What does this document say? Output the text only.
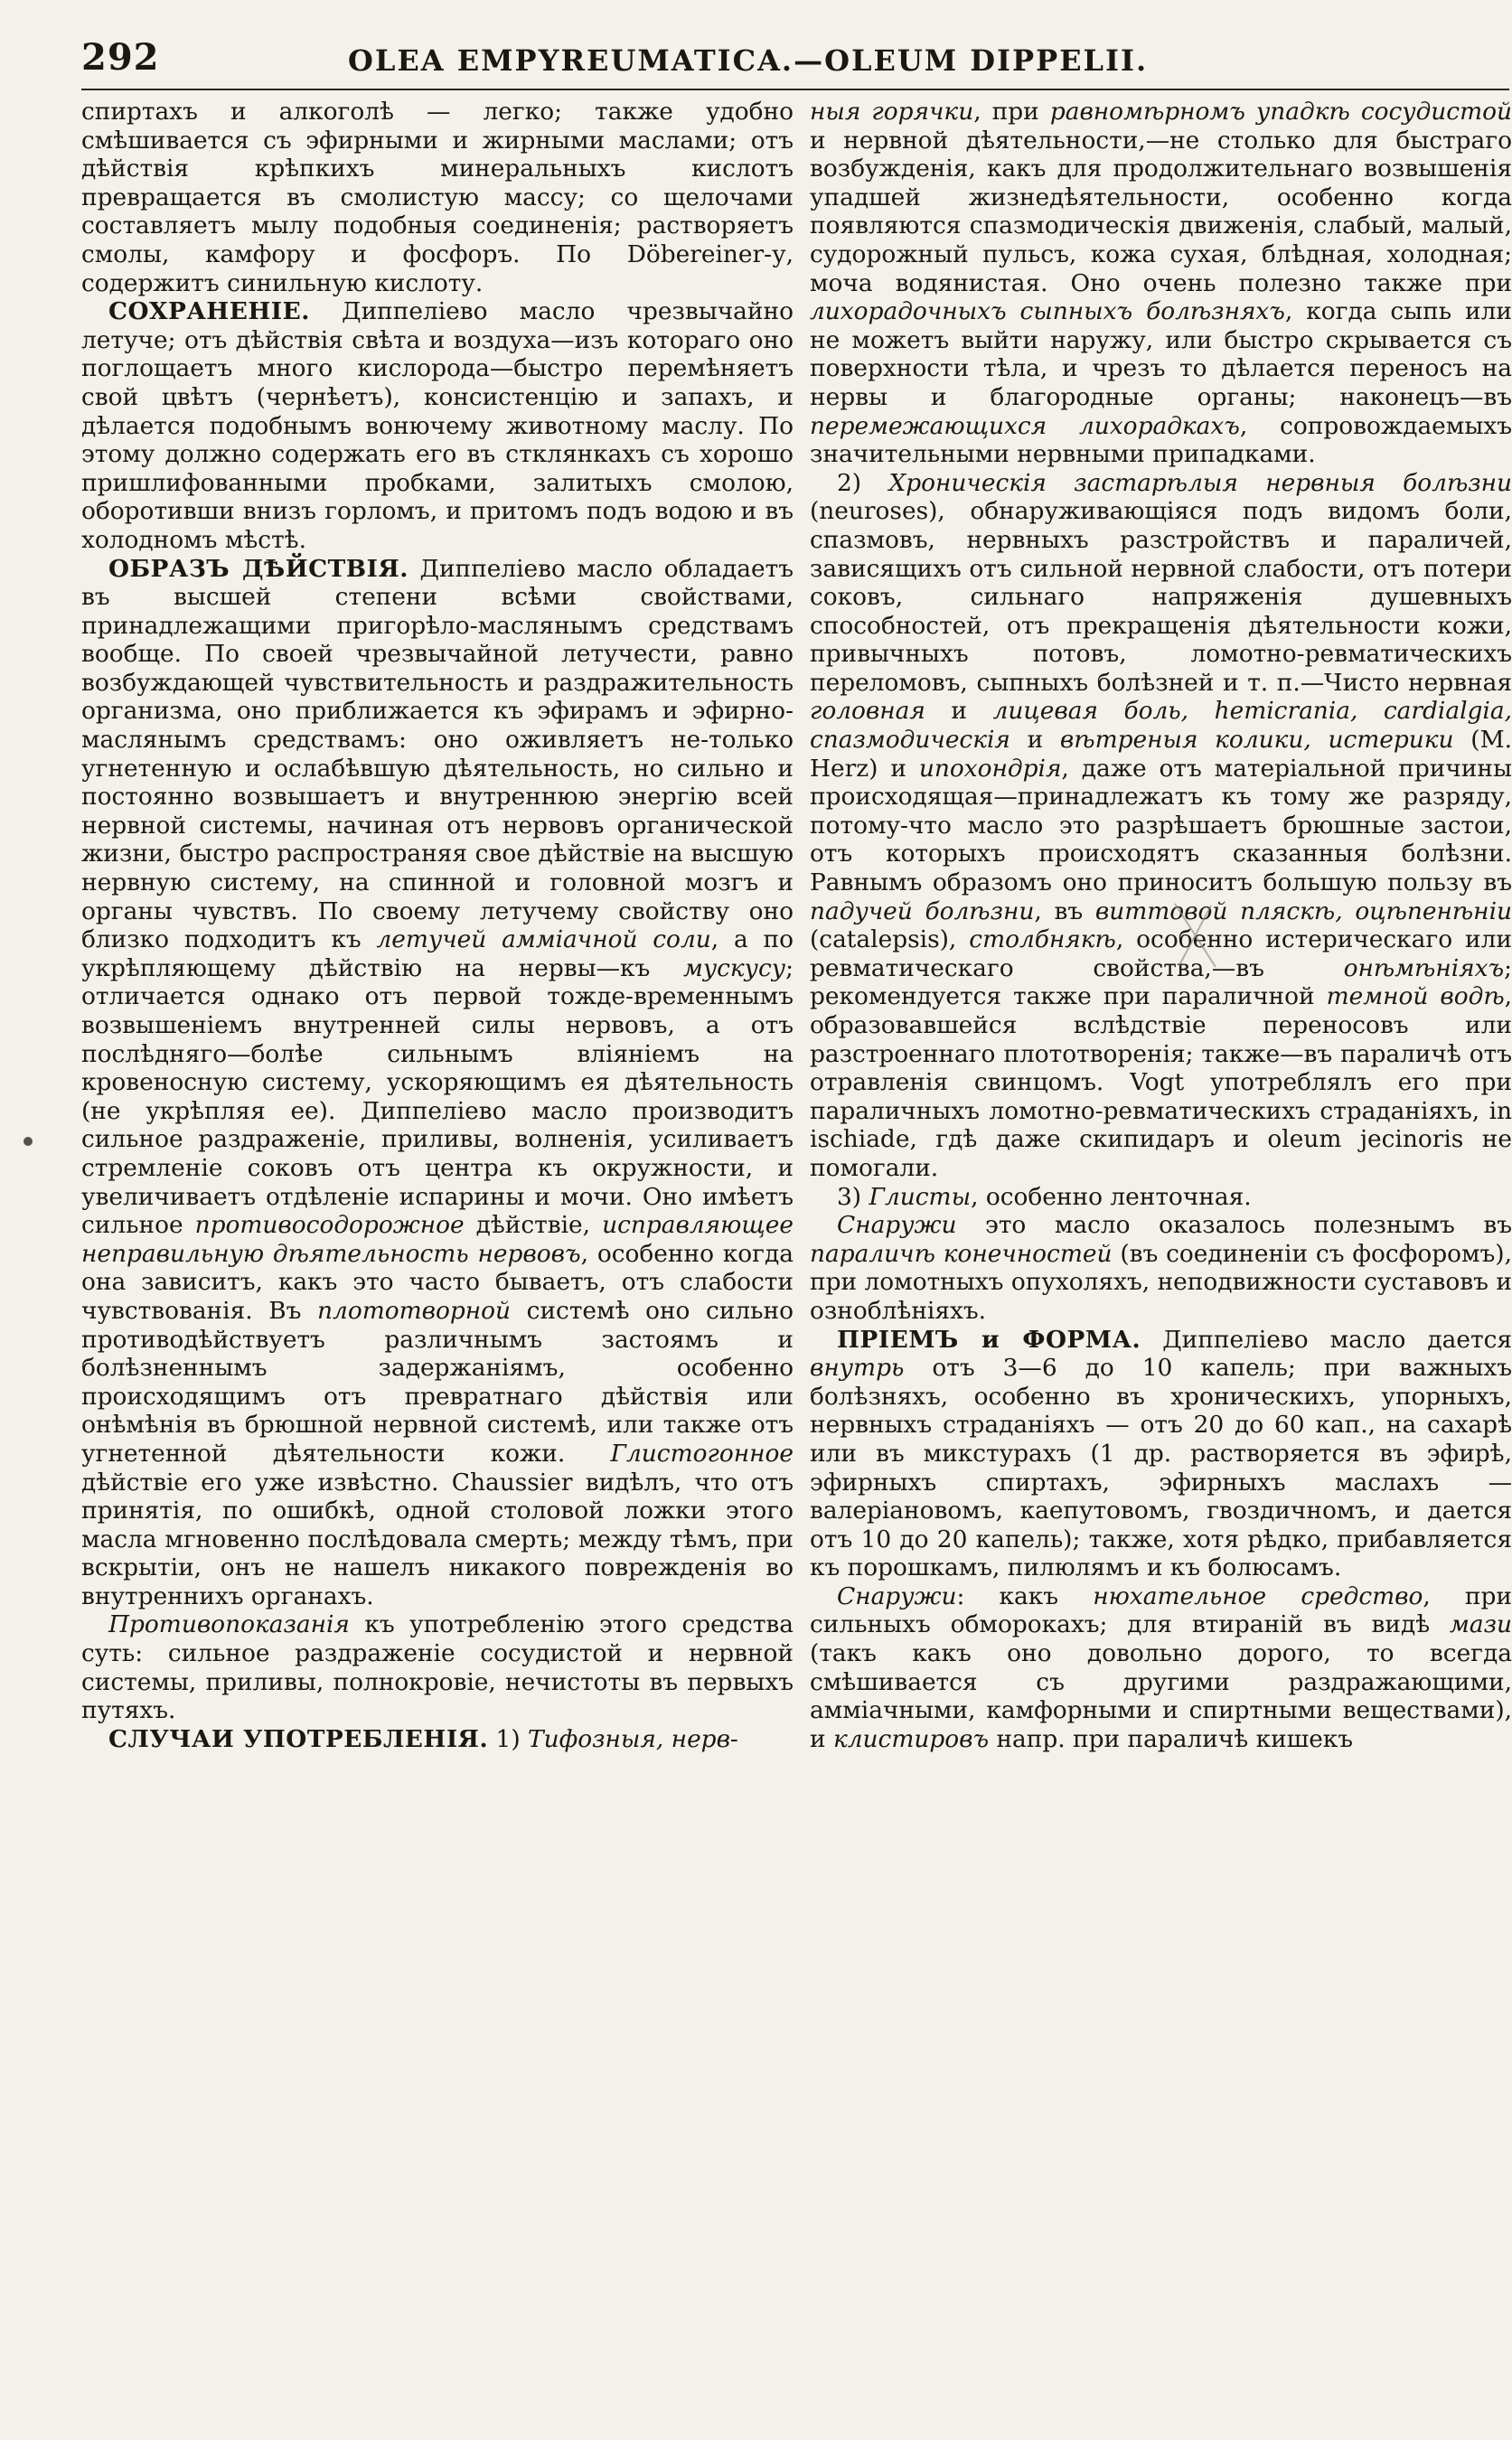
292	OLEA EMPYREUMATICA.—OLEUM DIPPELII.

спиртахъ и алкоголѣ — легко; также удобно смѣшивается съ эфирными и жирными маслами; отъ дѣйствія крѣпкихъ минеральныхъ кислотъ превращается въ смолистую массу; со щелочами составляетъ мылу подобныя соединенія; растворяетъ смолы, камфору и фосфоръ. По Döbereiner-у, содержитъ синильную кислоту.

СОХРАНЕНІЕ. Диппеліево масло чрезвычайно летуче; отъ дѣйствія свѣта и воздуха—изъ котораго оно поглощаетъ много кислорода—быстро перемѣняетъ свой цвѣтъ (чернѣетъ), консистенцію и запахъ, и дѣлается подобнымъ вонючему животному маслу. По этому должно содержать его въ стклянкахъ съ хорошо пришлифованными пробками, залитыхъ смолою, оборотивши внизъ горломъ, и притомъ подъ водою и въ холодномъ мѣстѣ.

ОБРАЗЪ ДѢЙСТВІЯ. Диппеліево масло обладаетъ въ высшей степени всѣми свойствами, принадлежащими пригорѣло-маслянымъ средствамъ вообще. По своей чрезвычайной летучести, равно возбуждающей чувствительность и раздражительность организма, оно приближается къ эфирамъ и эфирно-маслянымъ средствамъ: оно оживляетъ не-только угнетенную и ослабѣвшую дѣятельность, но сильно и постоянно возвышаетъ и внутреннюю энергію всей нервной системы, начиная отъ нервовъ органической жизни, быстро распространяя свое дѣйствіе на высшую нервную систему, на спинной и головной мозгъ и органы чувствъ. По своему летучему свойству оно близко подходитъ къ летучей аммiачной соли, а по укрѣпляющему дѣйствію на нервы—къ мускусу; отличается однако отъ первой тожде-временнымъ возвышеніемъ внутренней силы нервовъ, а отъ послѣдняго—болѣе сильнымъ вліяніемъ на кровеносную систему, ускоряющимъ ея дѣятельность (не укрѣпляя ее). Диппеліево масло производитъ сильное раздраженіе, приливы, волненія, усиливаетъ стремленіе соковъ отъ центра къ окружности, и увеличиваетъ отдѣленіе испарины и мочи. Оно имѣетъ сильное противосодорожное дѣйствіе, исправляющее неправильную дѣятельность нервовъ, особенно когда она зависитъ, какъ это часто бываетъ, отъ слабости чувствованія. Въ плототворной системѣ оно сильно противодѣйствуетъ различнымъ застоямъ и болѣзненнымъ задержаніямъ, особенно происходящимъ отъ превратнаго дѣйствія или онѣмѣнія въ брюшной нервной системѣ, или также отъ угнетенной дѣятельности кожи. Глистогонное дѣйствіе его уже извѣстно. Chaussier видѣлъ, что отъ принятія, по ошибкѣ, одной столовой ложки этого масла мгновенно послѣдовала смерть; между тѣмъ, при вскрытіи, онъ не нашелъ никакого поврежденія во внутреннихъ органахъ.

Противопоказанія къ употребленію этого средства суть: сильное раздраженіе сосудистой и нервной системы, приливы, полнокровіе, нечистоты въ первыхъ путяхъ.

СЛУЧАИ УПОТРЕБЛЕНІЯ. 1) Тифозныя, нерв-

ныя горячки, при равномѣрномъ упадкѣ сосудистой и нервной дѣятельности,—не столько для быстраго возбужденія, какъ для продолжительнаго возвышенія упадшей жизнедѣятельности, особенно когда появляются спазмодическія движенія, слабый, малый, судорожный пульсъ, кожа сухая, блѣдная, холодная; моча водянистая. Оно очень полезно также при лихорадочныхъ сыпныхъ болѣзняхъ, когда сыпь или не можетъ выйти наружу, или быстро скрывается съ поверхности тѣла, и чрезъ то дѣлается переносъ на нервы и благородные органы; наконецъ—въ перемежающихся лихорадкахъ, сопровождаемыхъ значительными нервными припадками.

2) Хроническія застарѣлыя нервныя болѣзни (neuroses), обнаруживающіяся подъ видомъ боли, спазмовъ, нервныхъ разстройствъ и параличей, зависящихъ отъ сильной нервной слабости, отъ потери соковъ, сильнаго напряженія душевныхъ способностей, отъ прекращенія дѣятельности кожи, привычныхъ потовъ, ломотно-ревматическихъ переломовъ, сыпныхъ болѣзней и т. п.—Чисто нервная головная и лицевая боль, hemicrania, cardialgia, спазмодическія и вѣтреныя колики, истерики (M. Herz) и ипохондрія, даже отъ матеріальной причины происходящая—принадлежатъ къ тому же разряду, потому-что масло это разрѣшаетъ брюшные застои, отъ которыхъ происходятъ сказанныя болѣзни. Равнымъ образомъ оно приноситъ большую пользу въ падучей болѣзни, въ виттовой пляскѣ, оцѣпенѣніи (catalepsis), столбнякѣ, особенно истерическаго или ревматическаго свойства,—въ	онѣмѣніяхъ; рекомендуется также при параличной темной водѣ, образовавшейся вслѣдствіе переносовъ или разстроеннаго плототворенія; также—въ параличѣ отъ отравленія свинцомъ. Vogt употреблялъ его при параличныхъ ломотно-ревматическихъ страданіяхъ, in ischiade, гдѣ даже скипидаръ и oleum jecinoris не помогали.

3) Глисты, особенно ленточная.

Снаружи это масло оказалось полезнымъ въ параличѣ конечностей (въ соединеніи съ фосфоромъ), при ломотныхъ опухоляхъ, неподвижности суставовъ и озноблѣніяхъ.

ПРІЕМЪ и ФОРМА. Диппеліево масло дается внутрь отъ 3—6 до 10 капель; при важныхъ болѣзняхъ, особенно въ хроническихъ, упорныхъ, нервныхъ страданіяхъ — отъ 20 до 60 кап., на сахарѣ или въ микстурахъ (1 др. растворяется въ эфирѣ, эфирныхъ спиртахъ, эфирныхъ маслахъ — валеріановомъ, каепутовомъ, гвоздичномъ, и дается отъ 10 до 20 капель); также, хотя рѣдко, прибавляется къ порошкамъ, пилюлямъ и къ болюсамъ.

Снаружи: какъ нюхательное средство, при сильныхъ обморокахъ; для втираній въ видѣ мази (такъ какъ оно довольно дорого, то всегда смѣшивается съ другими раздражающими, аммiачными, камфорными и спиртными веществами), и клистировъ напр. при параличѣ кишекъ
